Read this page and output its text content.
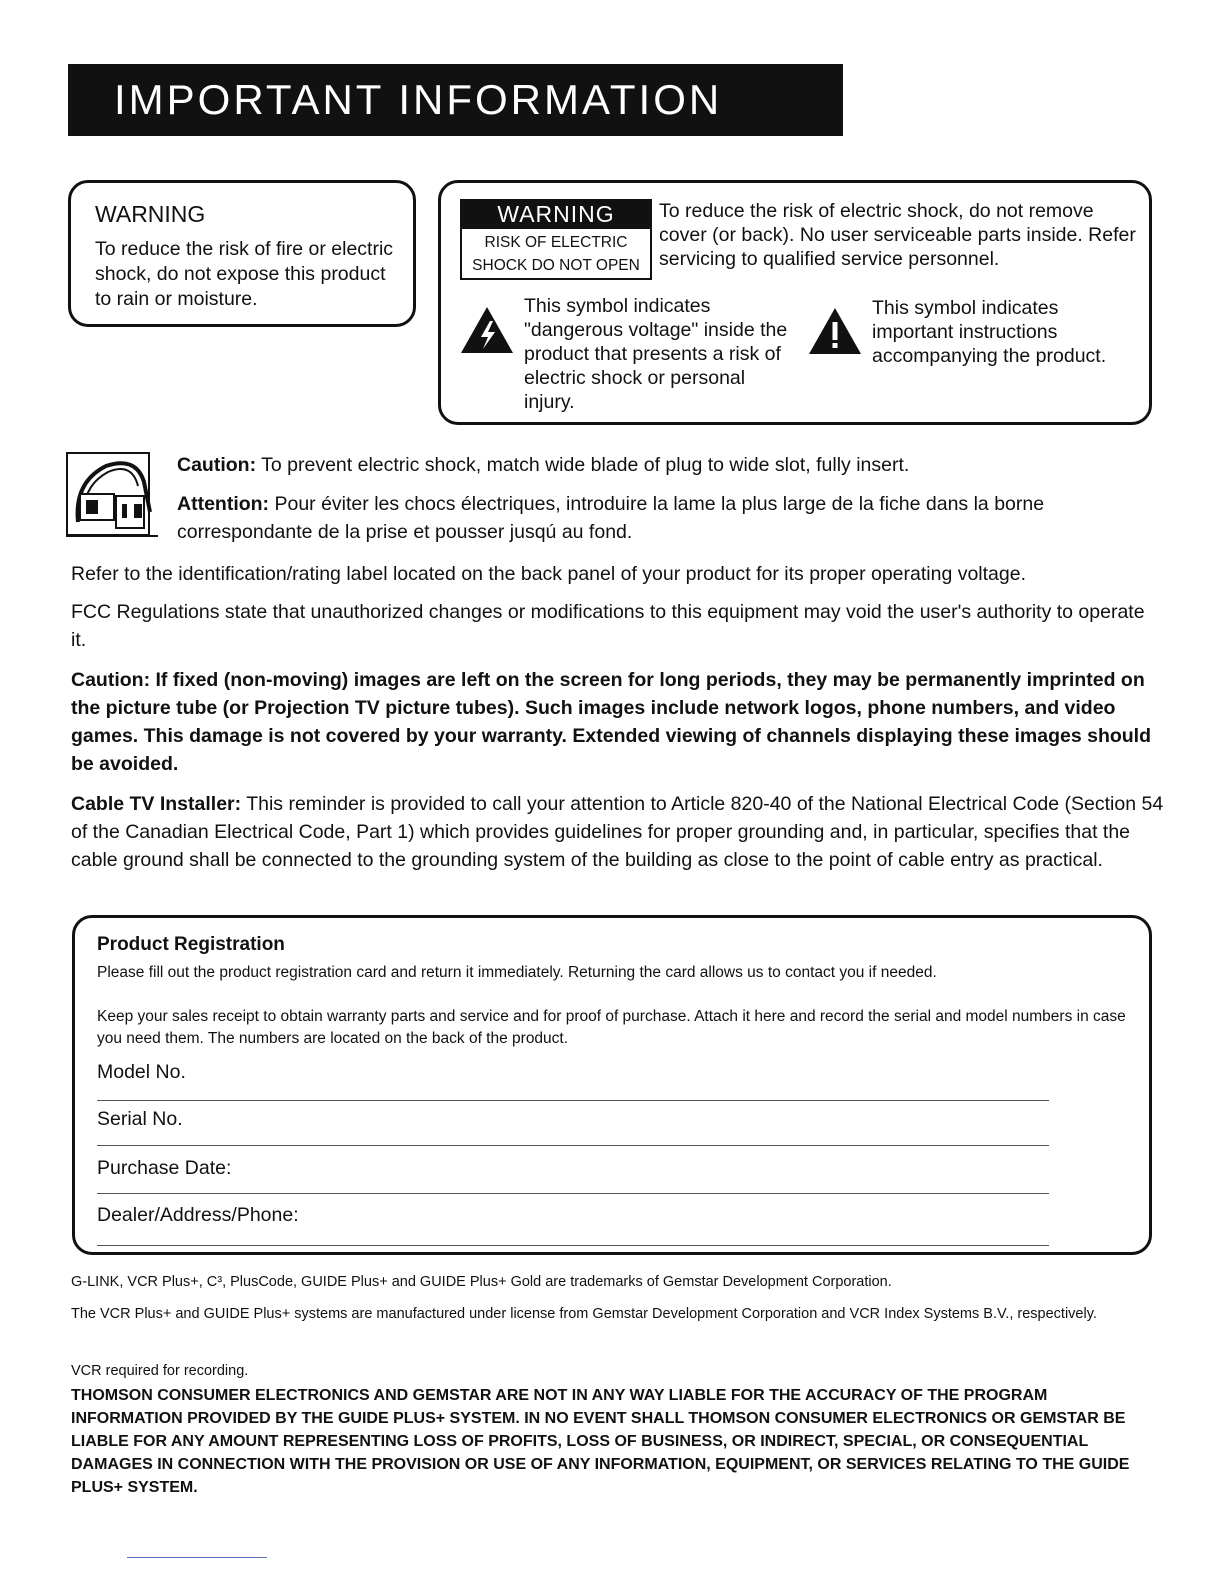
IMPORTANT INFORMATION
WARNING
To reduce the risk of fire or electric shock, do not expose this product to rain or moisture.
WARNING
RISK OF ELECTRIC
SHOCK DO NOT OPEN
To reduce the risk of electric shock, do not remove cover (or back). No user serviceable parts inside. Refer servicing to qualified service personnel.
This symbol indicates "dangerous voltage" inside the product that presents a risk of electric shock or personal injury.
This symbol indicates important instructions accompanying the product.
Caution: To prevent electric shock, match wide blade of plug to wide slot, fully insert.
Attention: Pour éviter les chocs électriques, introduire la lame la plus large de la fiche dans la borne correspondante de la prise et pousser jusqú au fond.
Refer to the identification/rating label located on the back panel of your product for its proper operating voltage.
FCC Regulations state that unauthorized changes or modifications to this equipment may void the user's authority to operate it.
Caution: If fixed (non-moving) images are left on the screen for long periods, they may be permanently imprinted on the picture tube (or Projection TV picture tubes). Such images include network logos, phone numbers, and video games. This damage is not covered by your warranty. Extended viewing of channels displaying these images should be avoided.
Cable TV Installer: This reminder is provided to call your attention to Article 820-40 of the National Electrical Code (Section 54 of the Canadian Electrical Code, Part 1) which provides guidelines for proper grounding and, in particular, specifies that the cable ground shall be connected to the grounding system of the building as close to the point of cable entry as practical.
Product Registration
Please fill out the product registration card and return it immediately. Returning the card allows us to contact you if needed.
Keep your sales receipt to obtain warranty parts and service and for proof of purchase. Attach it here and record the serial and model numbers in case you need them. The numbers are located on the back of the product.
Model No.
Serial No.
Purchase Date:
Dealer/Address/Phone:
G-LINK, VCR Plus+, C³, PlusCode, GUIDE Plus+ and GUIDE Plus+ Gold are trademarks of Gemstar Development Corporation.
The VCR Plus+ and GUIDE Plus+ systems are manufactured under license from Gemstar Development Corporation and VCR Index Systems B.V., respectively.
VCR required for recording.
THOMSON CONSUMER ELECTRONICS AND GEMSTAR ARE NOT IN ANY WAY LIABLE FOR THE ACCURACY OF THE PROGRAM INFORMATION PROVIDED BY THE GUIDE PLUS+ SYSTEM. IN NO EVENT SHALL THOMSON CONSUMER ELECTRONICS OR GEMSTAR BE LIABLE FOR ANY AMOUNT REPRESENTING LOSS OF PROFITS, LOSS OF BUSINESS, OR INDIRECT, SPECIAL, OR CONSEQUENTIAL DAMAGES IN CONNECTION WITH THE PROVISION OR USE OF ANY INFORMATION, EQUIPMENT, OR SERVICES RELATING TO THE GUIDE PLUS+ SYSTEM.
